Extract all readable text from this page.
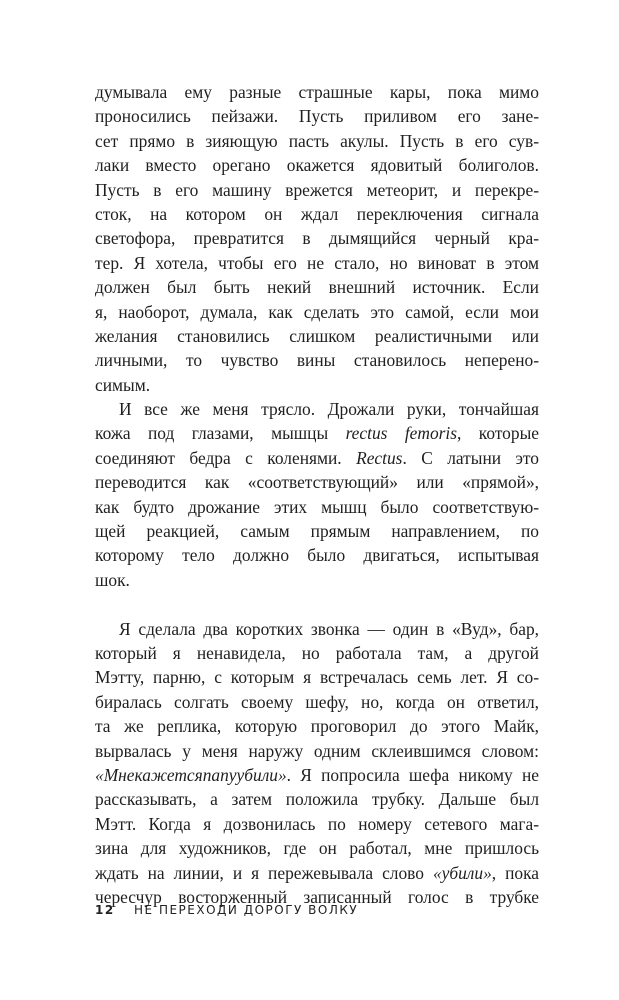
думывала ему разные страшные кары, пока мимо
проносились пейзажи. Пусть приливом его зане-
сет прямо в зияющую пасть акулы. Пусть в его сув-
лаки вместо орегано окажется ядовитый болиголов.
Пусть в его машину врежется метеорит, и перекре-
сток, на котором он ждал переключения сигнала
светофора, превратится в дымящийся черный кра-
тер. Я хотела, чтобы его не стало, но виноват в этом
должен был быть некий внешний источник. Если
я, наоборот, думала, как сделать это самой, если мои
желания становились слишком реалистичными или
личными, то чувство вины становилось неперено-
симым.
И все же меня трясло. Дрожали руки, тончайшая
кожа под глазами, мышцы rectus femoris, которые
соединяют бедра с коленями. Rectus. С латыни это
переводится как «соответствующий» или «прямой»,
как будто дрожание этих мышц было соответствую-
щей реакцией, самым прямым направлением, по
которому тело должно было двигаться, испытывая
шок.
Я сделала два коротких звонка — один в «Вуд», бар,
который я ненавидела, но работала там, а другой
Мэтту, парню, с которым я встречалась семь лет. Я со-
биралась солгать своему шефу, но, когда он ответил,
та же реплика, которую проговорил до этого Майк,
вырвалась у меня наружу одним склеившимся словом:
«Мнекажетсяпапуубили». Я попросила шефа никому не
рассказывать, а затем положила трубку. Дальше был
Мэтт. Когда я дозвонилась по номеру сетевого мага-
зина для художников, где он работал, мне пришлось
ждать на линии, и я пережевывала слово «убили», пока
чересчур восторженный записанный голос в трубке
12 НЕ ПЕРЕХОДИ ДОРОГУ ВОЛКУ
